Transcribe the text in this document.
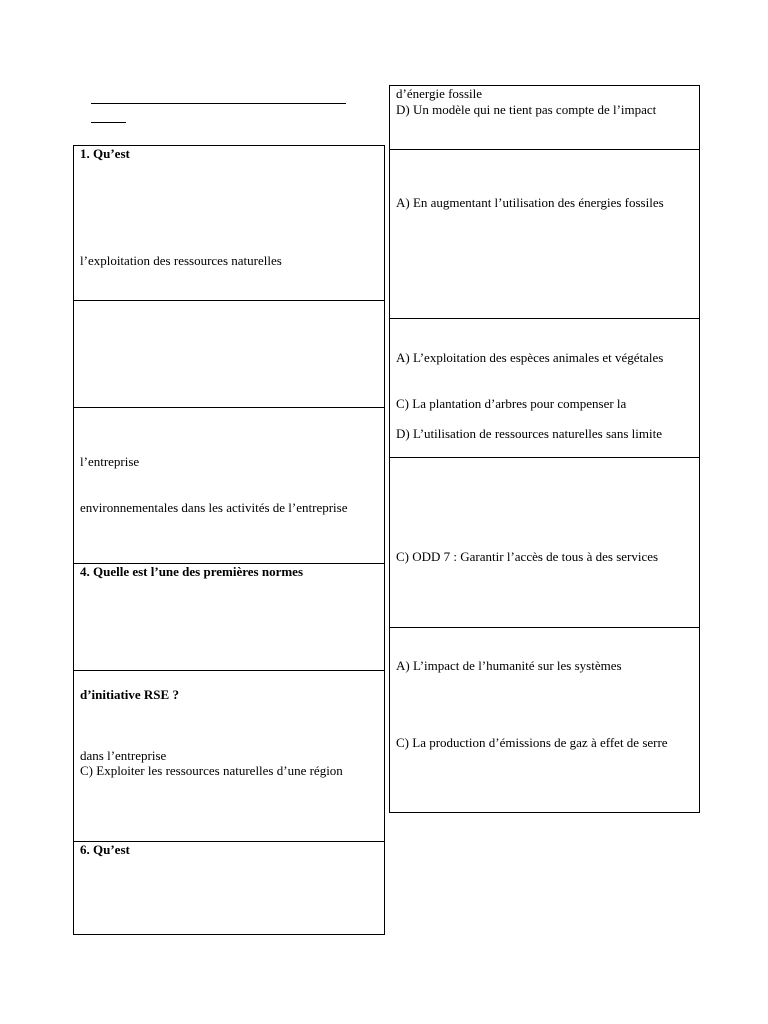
1. Qu’est
l’exploitation des ressources naturelles
l’entreprise
environnementales dans les activités de l’entreprise
4. Quelle est l’une des premières normes
d’initiative RSE ?
dans l’entreprise
C) Exploiter les ressources naturelles d’une région
6. Qu’est
d’énergie fossile
D) Un modèle qui ne tient pas compte de l’impact
A) En augmentant l’utilisation des énergies fossiles
A) L’exploitation des espèces animales et végétales
C) La plantation d’arbres pour compenser la
D) L’utilisation de ressources naturelles sans limite
C) ODD 7 : Garantir l’accès de tous à des services
A) L’impact de l’humanité sur les systèmes
C) La production d’émissions de gaz à effet de serre
